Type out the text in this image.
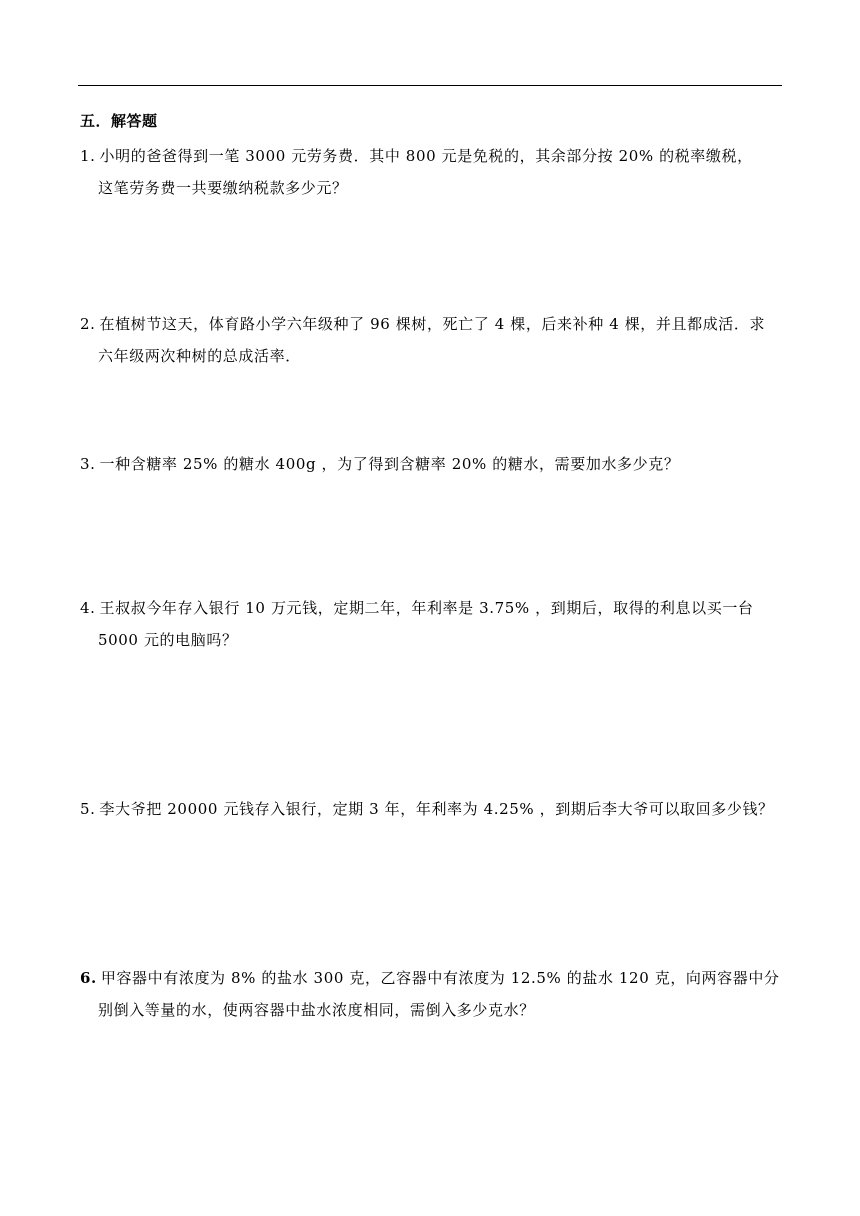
五．解答题
1. 小明的爸爸得到一笔 3000 元劳务费．其中 800 元是免税的，其余部分按 20% 的税率缴税，
这笔劳务费一共要缴纳税款多少元？
2. 在植树节这天，体育路小学六年级种了 96 棵树，死亡了 4 棵，后来补种 4 棵，并且都成活．求
六年级两次种树的总成活率．
3. 一种含糖率 25% 的糖水 400g ，为了得到含糖率 20% 的糖水，需要加水多少克？
4. 王叔叔今年存入银行 10 万元钱，定期二年，年利率是 3.75% ，到期后，取得的利息以买一台
5000 元的电脑吗？
5. 李大爷把 20000 元钱存入银行，定期 3 年，年利率为 4.25% ，到期后李大爷可以取回多少钱？
6. 甲容器中有浓度为 8% 的盐水 300 克，乙容器中有浓度为 12.5% 的盐水 120 克，向两容器中分
别倒入等量的水，使两容器中盐水浓度相同，需倒入多少克水？
